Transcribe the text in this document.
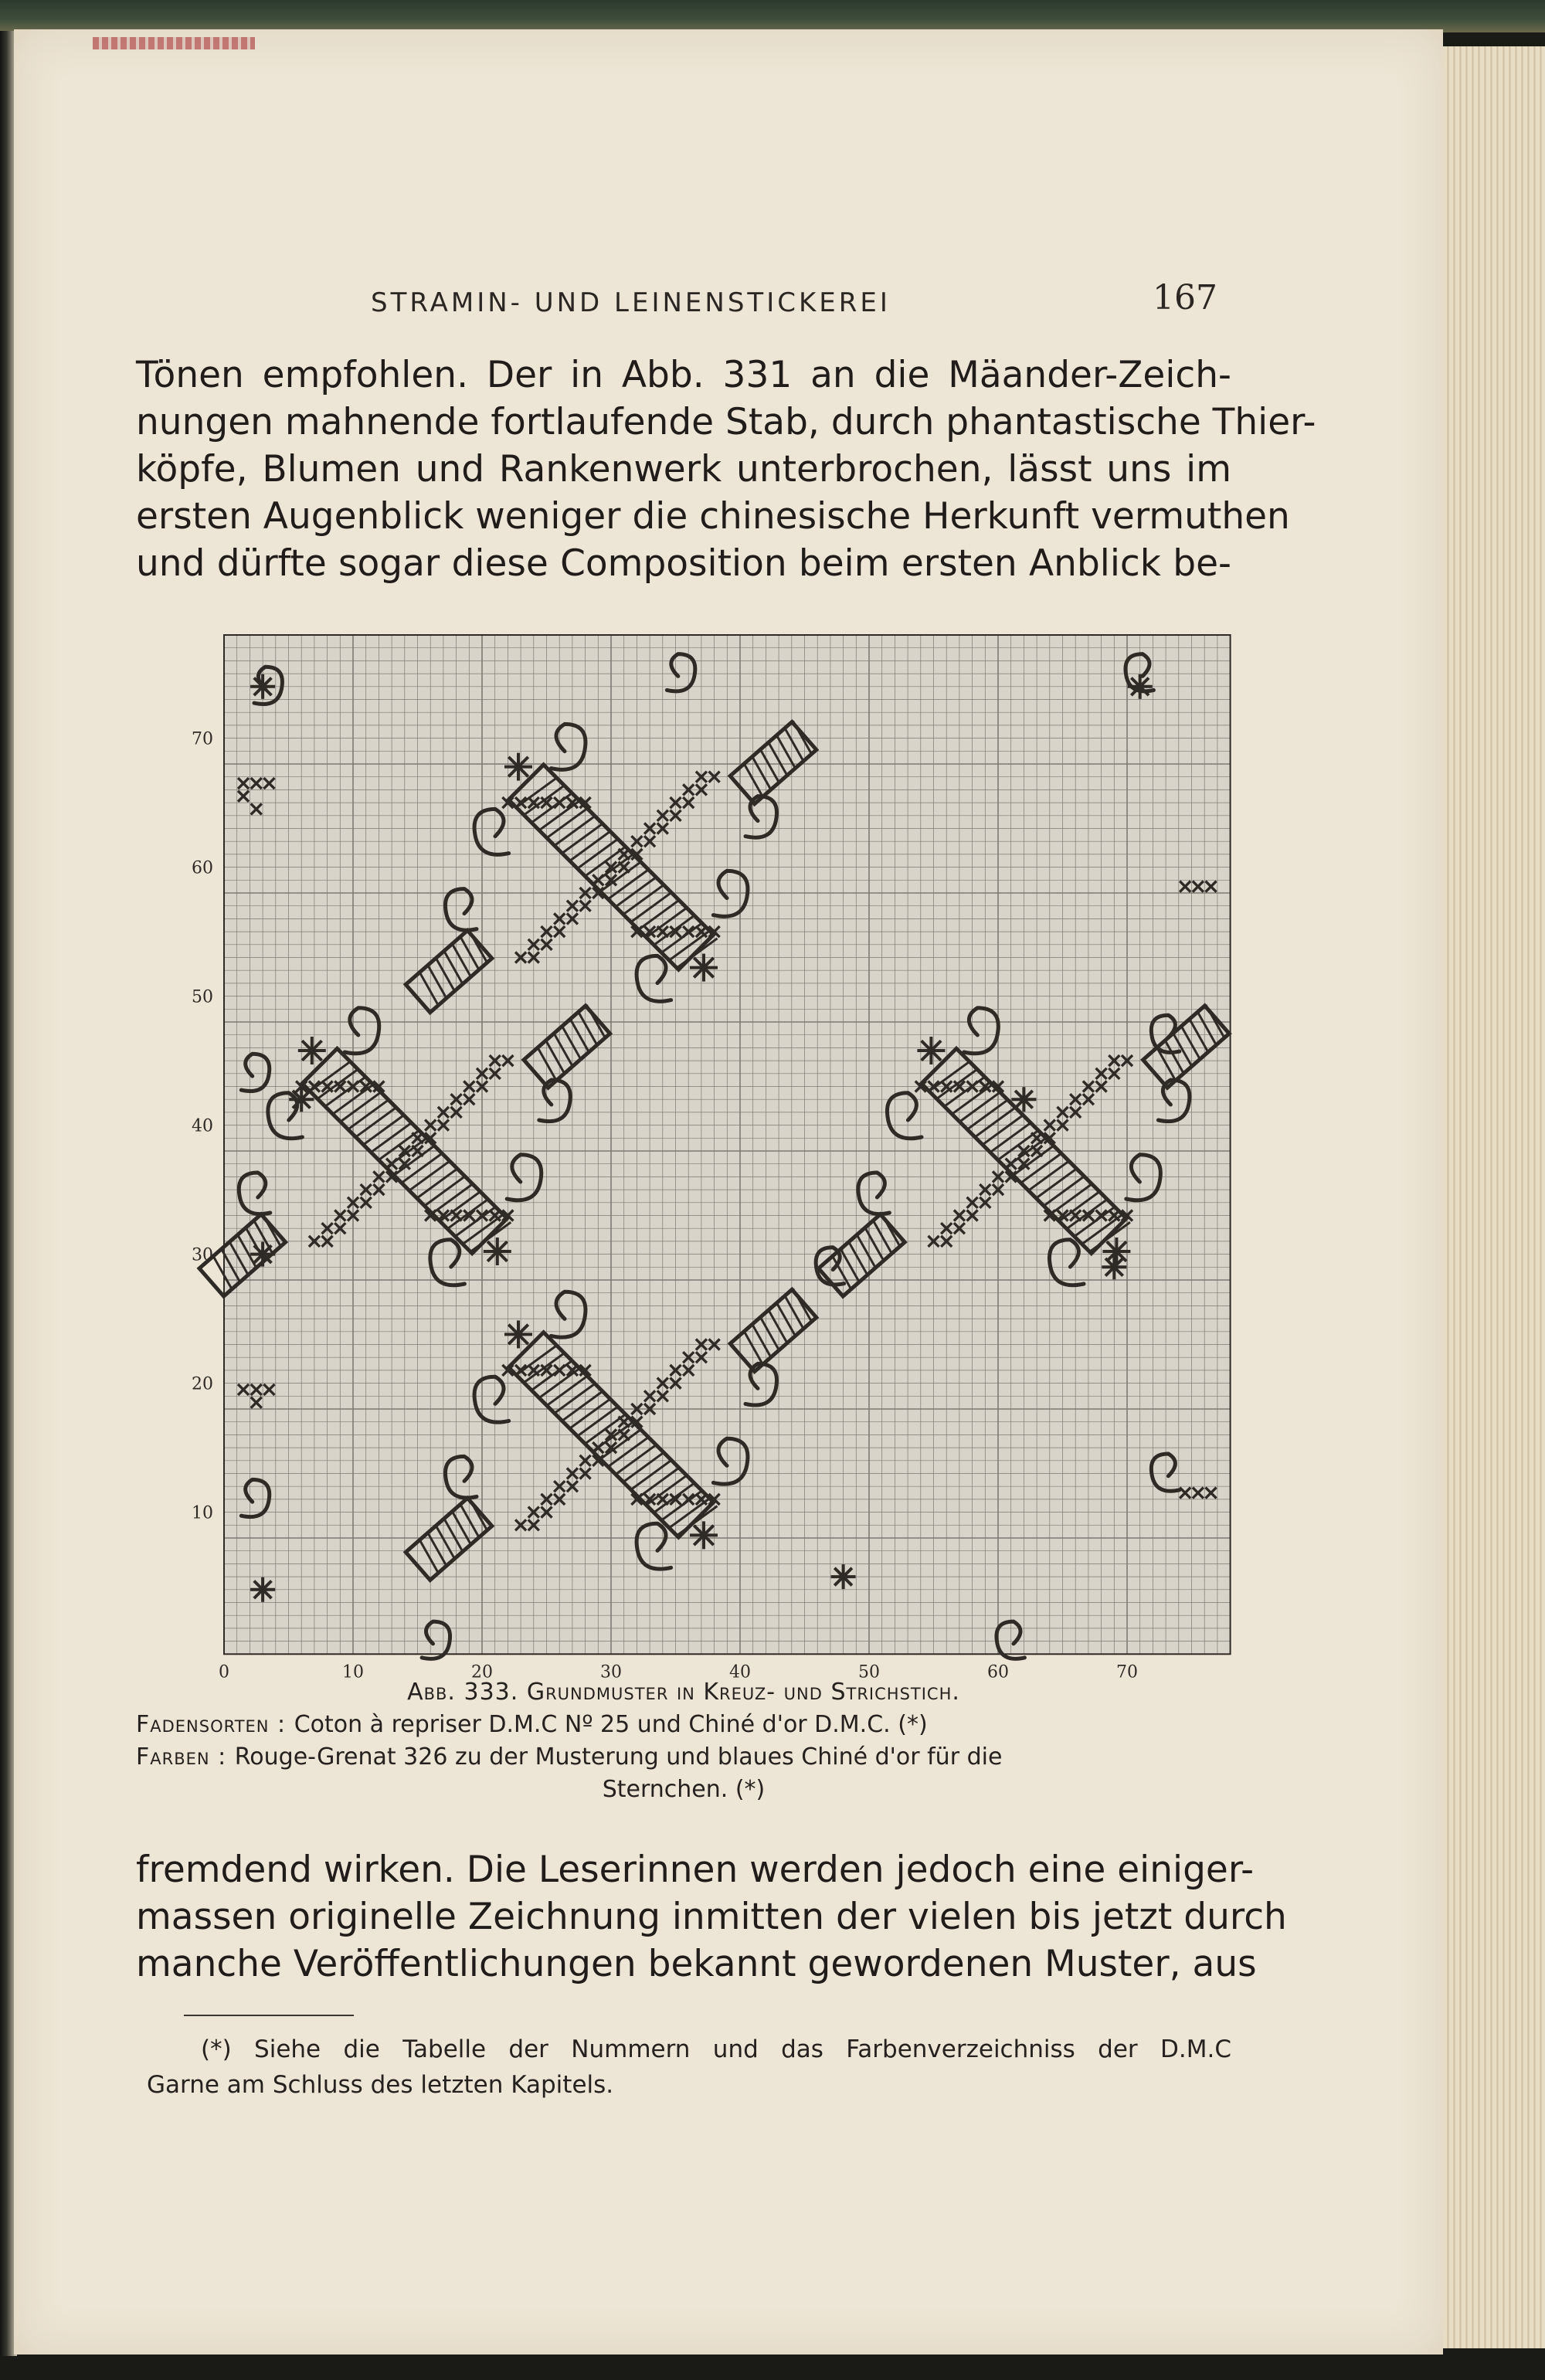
STRAMIN- UND LEINENSTICKEREI	167
Tönen empfohlen. Der in Abb. 331 an die Mäander-Zeich-
nungen mahnende fortlaufende Stab, durch phantastische Thier-
köpfe, Blumen und Rankenwerk unterbrochen, lässt uns im
ersten Augenblick weniger die chinesische Herkunft vermuthen
und dürfte sogar diese Composition beim ersten Anblick be-
70
60
50
40
30
20
10
0	10	20	30	40	50	60	70
Abb. 333. Grundmuster in Kreuz- und Strichstich.
Fadensorten : Coton à repriser D.M.C Nº 25 und Chiné d'or D.M.C. (*)
Farben : Rouge-Grenat 326 zu der Musterung und blaues Chiné d'or für die
Sternchen. (*)
fremdend wirken. Die Leserinnen werden jedoch eine einiger-
massen originelle Zeichnung inmitten der vielen bis jetzt durch
manche Veröffentlichungen bekannt gewordenen Muster, aus
(*) Siehe die Tabelle der Nummern und das Farbenverzeichniss der D.M.C
Garne am Schluss des letzten Kapitels.
